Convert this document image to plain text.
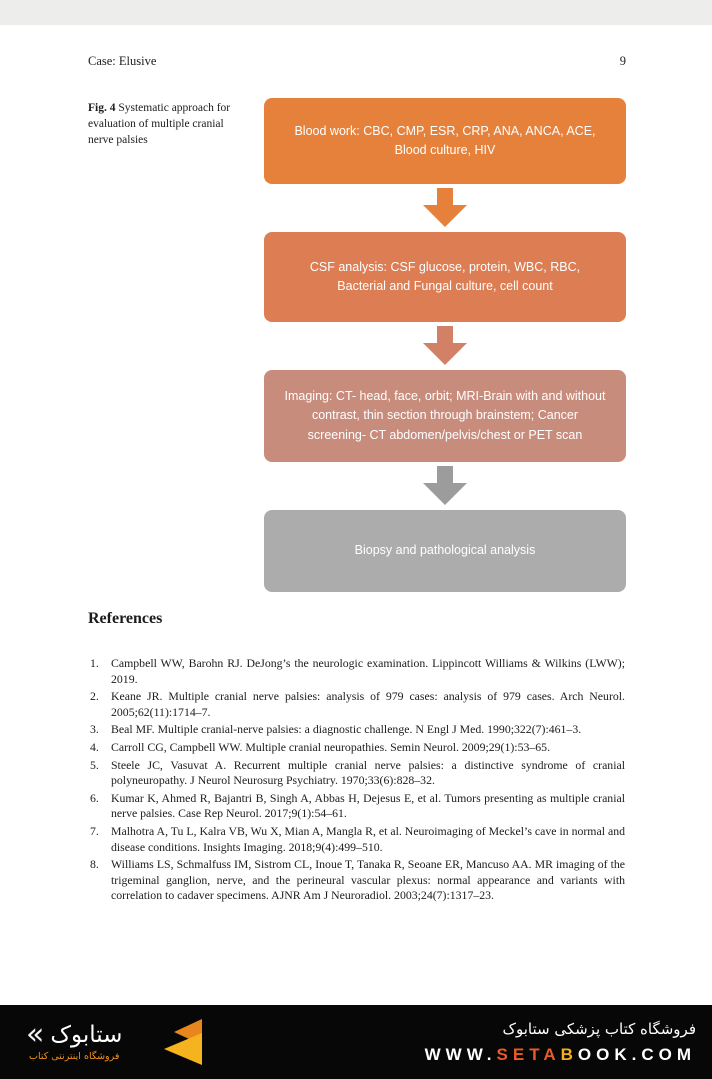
Case: Elusive	9
Fig. 4 Systematic approach for evaluation of multiple cranial nerve palsies
Blood work: CBC, CMP, ESR, CRP, ANA, ANCA, ACE, Blood culture, HIV
CSF analysis: CSF glucose, protein, WBC, RBC, Bacterial and Fungal culture, cell count
Imaging: CT- head, face, orbit; MRI-Brain with and without contrast, thin section through brainstem; Cancer screening- CT abdomen/pelvis/chest or PET scan
Biopsy and pathological analysis
References
Campbell WW, Barohn RJ. DeJong’s the neurologic examination. Lippincott Williams & Wilkins (LWW); 2019.
Keane JR. Multiple cranial nerve palsies: analysis of 979 cases: analysis of 979 cases. Arch Neurol. 2005;62(11):1714–7.
Beal MF. Multiple cranial-nerve palsies: a diagnostic challenge. N Engl J Med. 1990;322(7):461–3.
Carroll CG, Campbell WW. Multiple cranial neuropathies. Semin Neurol. 2009;29(1):53–65.
Steele JC, Vasuvat A. Recurrent multiple cranial nerve palsies: a distinctive syndrome of cranial polyneuropathy. J Neurol Neurosurg Psychiatry. 1970;33(6):828–32.
Kumar K, Ahmed R, Bajantri B, Singh A, Abbas H, Dejesus E, et al. Tumors presenting as multiple cranial nerve palsies. Case Rep Neurol. 2017;9(1):54–61.
Malhotra A, Tu L, Kalra VB, Wu X, Mian A, Mangla R, et al. Neuroimaging of Meckel’s cave in normal and disease conditions. Insights Imaging. 2018;9(4):499–510.
Williams LS, Schmalfuss IM, Sistrom CL, Inoue T, Tanaka R, Seoane ER, Mancuso AA. MR imaging of the trigeminal ganglion, nerve, and the perineural vascular plexus: normal appearance and variants with correlation to cadaver specimens. AJNR Am J Neuroradiol. 2003;24(7):1317–23.
« ستابوک
فروشگاه اینترنتی کتاب
فروشگاه کتاب پزشکی ستابوک
WWW.SETABOOK.COM
